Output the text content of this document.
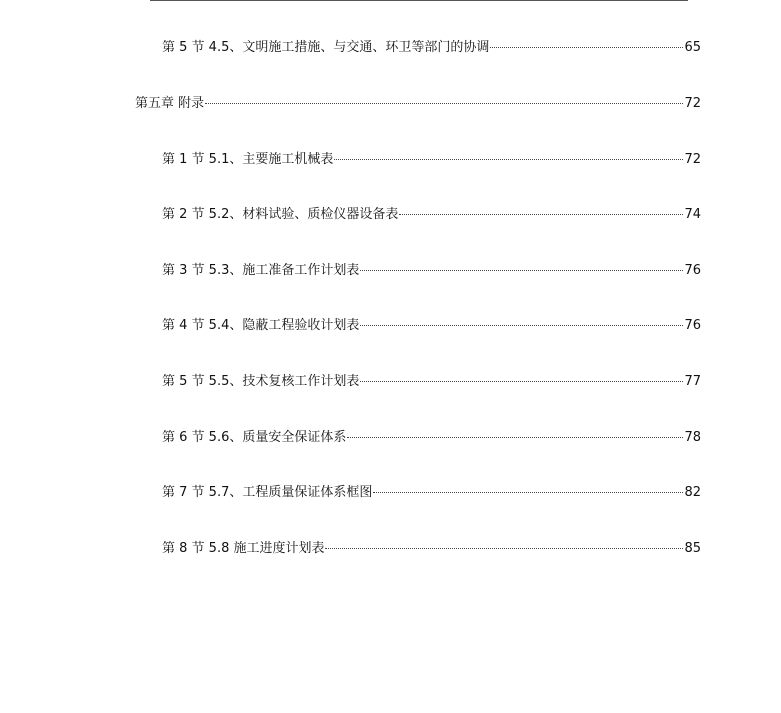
第 5 节 4.5、文明施工措施、与交通、环卫等部门的协调	65
第五章 附录	72
第 1 节 5.1、主要施工机械表	72
第 2 节 5.2、材料试验、质检仪器设备表	74
第 3 节 5.3、施工准备工作计划表	76
第 4 节 5.4、隐蔽工程验收计划表	76
第 5 节 5.5、技术复核工作计划表	77
第 6 节 5.6、质量安全保证体系	78
第 7 节 5.7、工程质量保证体系框图	82
第 8 节 5.8 施工进度计划表	85
